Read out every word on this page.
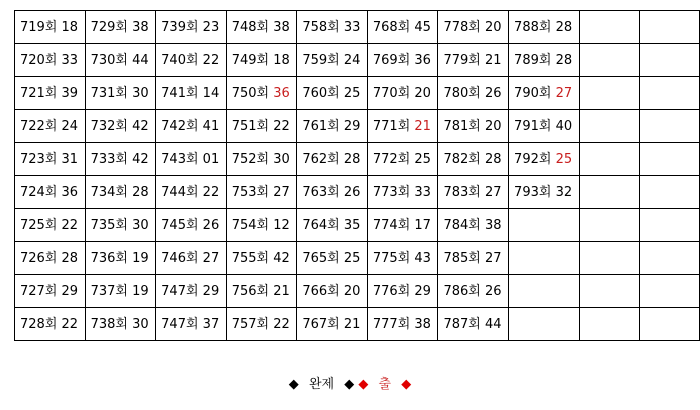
719회 18	729회 38	739회 23	748회 38	758회 33	768회 45	778회 20	788회 28		
720회 33	730회 44	740회 22	749회 18	759회 24	769회 36	779회 21	789회 28		
721회 39	731회 30	741회 14	750회 36	760회 25	770회 20	780회 26	790회 27		
722회 24	732회 42	742회 41	751회 22	761회 29	771회 21	781회 20	791회 40		
723회 31	733회 42	743회 01	752회 30	762회 28	772회 25	782회 28	792회 25		
724회 36	734회 28	744회 22	753회 27	763회 26	773회 33	783회 27	793회 32		
725회 22	735회 30	745회 26	754회 12	764회 35	774회 17	784회 38			
726회 28	736회 19	746회 27	755회 42	765회 25	775회 43	785회 27			
727회 29	737회 19	747회 29	756회 21	766회 20	776회 29	786회 26			
728회 22	738회 30	747회 37	757회 22	767회 21	777회 38	787회 44			
◆ 완제 ◆ ◆ 출 ◆
